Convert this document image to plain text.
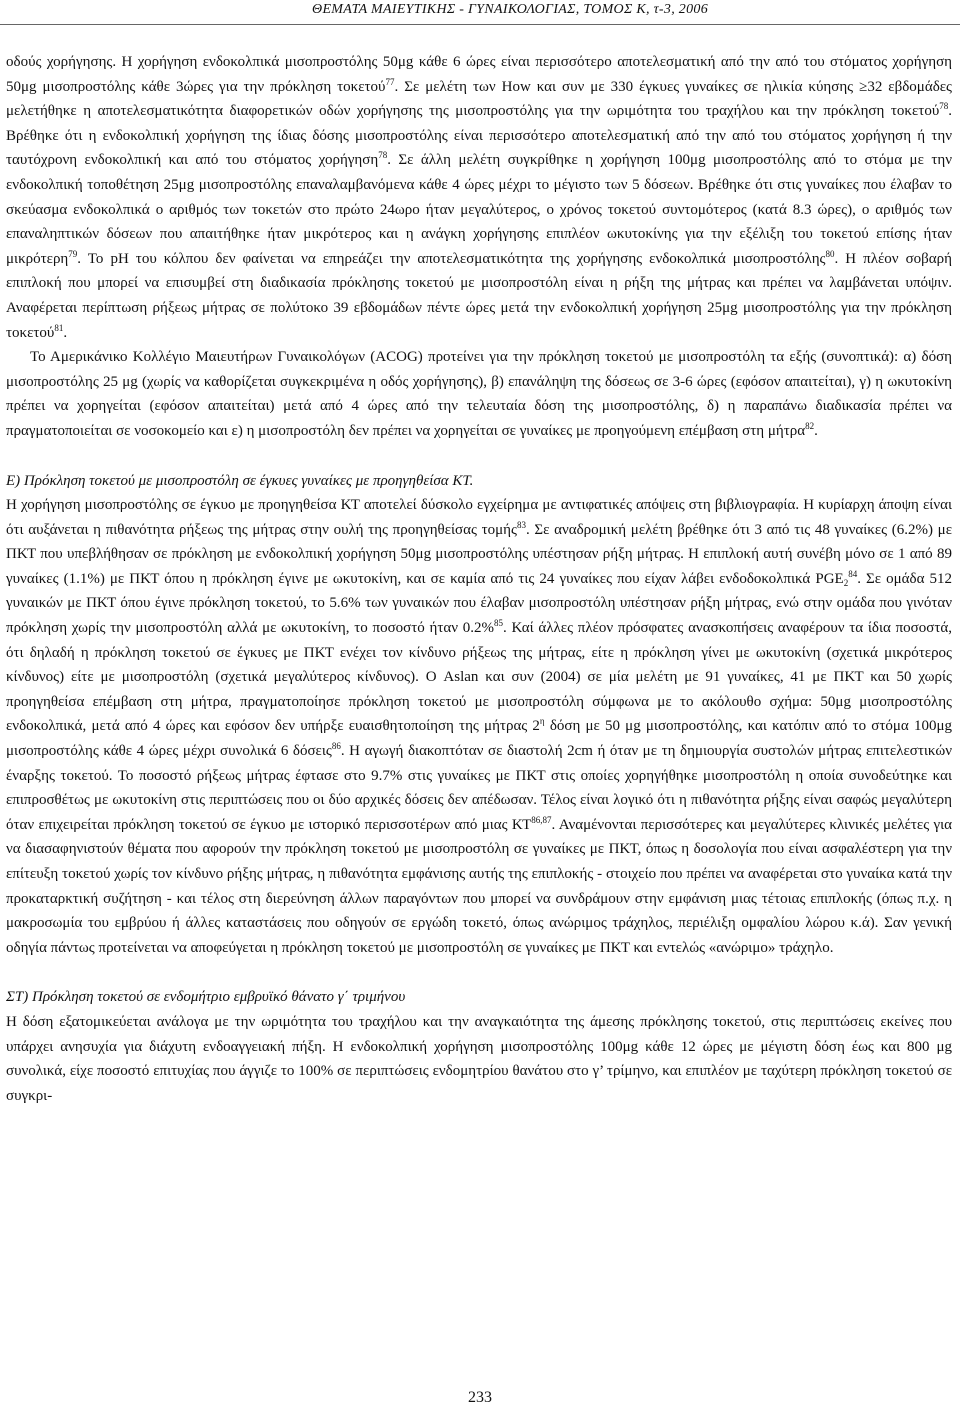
ΘΕΜΑΤΑ ΜΑΙΕΥΤΙΚΗΣ - ΓΥΝΑΙΚΟΛΟΓΙΑΣ, ΤΟΜΟΣ Κ, τ-3, 2006

οδούς χορήγησης. Η χορήγηση ενδοκολπικά μισοπροστόλης 50μg κάθε 6 ώρες είναι περισσότερο αποτελεσματική από την από του στόματος χορήγηση 50μg μισοπροστόλης κάθε 3ώρες για την πρόκληση τοκετού$^{77}$. Σε μελέτη των How και συν με 330 έγκυες γυναίκες σε ηλικία κύησης ≥32 εβδομάδες μελετήθηκε η αποτελεσματικότητα διαφορετικών οδών χορήγησης της μισοπροστόλης για την ωριμότητα του τραχήλου και την πρόκληση τοκετού$^{78}$. Βρέθηκε ότι η ενδοκολπική χορήγηση της ίδιας δόσης μισοπροστόλης είναι περισσότερο αποτελεσματική από την από του στόματος χορήγηση ή την ταυτόχρονη ενδοκολπική και από του στόματος χορήγηση$^{78}$. Σε άλλη μελέτη συγκρίθηκε η χορήγηση 100μg μισοπροστόλης από το στόμα με την ενδοκολπική τοποθέτηση 25μg μισοπροστόλης επαναλαμβανόμενα κάθε 4 ώρες μέχρι το μέγιστο των 5 δόσεων. Βρέθηκε ότι στις γυναίκες που έλαβαν το σκεύασμα ενδοκολπικά ο αριθμός των τοκετών στο πρώτο 24ωρο ήταν μεγαλύτερος, ο χρόνος τοκετού συντομότερος (κατά 8.3 ώρες), ο αριθμός των επαναληπτικών δόσεων που απαιτήθηκε ήταν μικρότερος και η ανάγκη χορήγησης επιπλέον ωκυτοκίνης για την εξέλιξη του τοκετού επίσης ήταν μικρότερη$^{79}$. Το pH του κόλπου δεν φαίνεται να επηρεάζει την αποτελεσματικότητα της χορήγησης ενδοκολπικά μισοπροστόλης$^{80}$. Η πλέον σοβαρή επιπλοκή που μπορεί να επισυμβεί στη διαδικασία πρόκλησης τοκετού με μισοπροστόλη είναι η ρήξη της μήτρας και πρέπει να λαμβάνεται υπόψιν. Αναφέρεται περίπτωση ρήξεως μήτρας σε πολύτοκο 39 εβδομάδων πέντε ώρες μετά την ενδοκολπική χορήγηση 25μg μισοπροστόλης για την πρόκληση τοκετού$^{81}$.

Το Αμερικάνικο Κολλέγιο Μαιευτήρων Γυναικολόγων (ACOG) προτείνει για την πρόκληση τοκετού με μισοπροστόλη τα εξής (συνοπτικά): α) δόση μισοπροστόλης 25 μg (χωρίς να καθορίζεται συγκεκριμένα η οδός χορήγησης), β) επανάληψη της δόσεως σε 3-6 ώρες (εφόσον απαιτείται), γ) η ωκυτοκίνη πρέπει να χορηγείται (εφόσον απαιτείται) μετά από 4 ώρες από την τελευταία δόση της μισοπροστόλης, δ) η παραπάνω διαδικασία πρέπει να πραγματοποιείται σε νοσοκομείο και ε) η μισοπροστόλη δεν πρέπει να χορηγείται σε γυναίκες με προηγούμενη επέμβαση στη μήτρα$^{82}$.

Ε) Πρόκληση τοκετού με μισοπροστόλη σε έγκυες γυναίκες με προηγηθείσα ΚΤ.

Η χορήγηση μισοπροστόλης σε έγκυο με προηγηθείσα ΚΤ αποτελεί δύσκολο εγχείρημα με αντιφατικές απόψεις στη βιβλιογραφία. Η κυρίαρχη άποψη είναι ότι αυξάνεται η πιθανότητα ρήξεως της μήτρας στην ουλή της προηγηθείσας τομής$^{83}$. Σε αναδρομική μελέτη βρέθηκε ότι 3 από τις 48 γυναίκες (6.2%) με ΠΚΤ που υπεβλήθησαν σε πρόκληση με ενδοκολπική χορήγηση 50μg μισοπροστόλης υπέστησαν ρήξη μήτρας. Η επιπλοκή αυτή συνέβη μόνο σε 1 από 89 γυναίκες (1.1%) με ΠΚΤ όπου η πρόκληση έγινε με ωκυτοκίνη, και σε καμία από τις 24 γυναίκες που είχαν λάβει ενδοδοκολπικά $PGE_2^{84}$. Σε ομάδα 512 γυναικών με ΠΚΤ όπου έγινε πρόκληση τοκετού, το 5.6% των γυναικών που έλαβαν μισοπροστόλη υπέστησαν ρήξη μήτρας, ενώ στην ομάδα που γινόταν πρόκληση χωρίς την μισοπροστόλη αλλά με ωκυτοκίνη, το ποσοστό ήταν 0.2%$^{85}$. Καί άλλες πλέον πρόσφατες ανασκοπήσεις αναφέρουν τα ίδια ποσοστά, ότι δηλαδή η πρόκληση τοκετού σε έγκυες με ΠΚΤ ενέχει τον κίνδυνο ρήξεως της μήτρας, είτε η πρόκληση γίνει με ωκυτοκίνη (σχετικά μικρότερος κίνδυνος) είτε με μισοπροστόλη (σχετικά μεγαλύτερος κίνδυνος). Ο Aslan και συν (2004) σε μία μελέτη με 91 γυναίκες, 41 με ΠΚΤ και 50 χωρίς προηγηθείσα επέμβαση στη μήτρα, πραγματοποίησε πρόκληση τοκετού με μισοπροστόλη σύμφωνα με το ακόλουθο σχήμα: 50μg μισοπροστόλης ενδοκολπικά, μετά από 4 ώρες και εφόσον δεν υπήρξε ευαισθητοποίηση της μήτρας $2^\eta$ δόση με 50 μg μισοπροστόλης, και κατόπιν από το στόμα 100μg μισοπροστόλης κάθε 4 ώρες μέχρι συνολικά 6 δόσεις$^{86}$. Η αγωγή διακοπτόταν σε διαστολή 2cm ή όταν με τη δημιουργία συστολών μήτρας επιτελεστικών έναρξης τοκετού. Το ποσοστό ρήξεως μήτρας έφτασε στο 9.7% στις γυναίκες με ΠΚΤ στις οποίες χορηγήθηκε μισοπροστόλη η οποία συνοδεύτηκε και επιπροσθέτως με ωκυτοκίνη στις περιπτώσεις που οι δύο αρχικές δόσεις δεν απέδωσαν. Τέλος είναι λογικό ότι η πιθανότητα ρήξης είναι σαφώς μεγαλύτερη όταν επιχειρείται πρόκληση τοκετού σε έγκυο με ιστορικό περισσοτέρων από μιας ΚΤ$^{86,87}$. Αναμένονται περισσότερες και μεγαλύτερες κλινικές μελέτες για να διασαφηνιστούν θέματα που αφορούν την πρόκληση τοκετού με μισοπροστόλη σε γυναίκες με ΠΚΤ, όπως η δοσολογία που είναι ασφαλέστερη για την επίτευξη τοκετού χωρίς τον κίνδυνο ρήξης μήτρας, η πιθανότητα εμφάνισης αυτής της επιπλοκής - στοιχείο που πρέπει να αναφέρεται στο γυναίκα κατά την προκαταρκτική συζήτηση - και τέλος στη διερεύνηση άλλων παραγόντων που μπορεί να συνδράμουν στην εμφάνιση μιας τέτοιας επιπλοκής (όπως π.χ. η μακροσωμία του εμβρύου ή άλλες καταστάσεις που οδηγούν σε εργώδη τοκετό, όπως ανώριμος τράχηλος, περιέλιξη ομφαλίου λώρου κ.ά). Σαν γενική οδηγία πάντως προτείνεται να αποφεύγεται η πρόκληση τοκετού με μισοπροστόλη σε γυναίκες με ΠΚΤ και εντελώς «ανώριμο» τράχηλο.

ΣΤ) Πρόκληση τοκετού σε ενδομήτριο εμβρυϊκό θάνατο γ΄ τριμήνου

Η δόση εξατομικεύεται ανάλογα με την ωριμότητα του τραχήλου και την αναγκαιότητα της άμεσης πρόκλησης τοκετού, στις περιπτώσεις εκείνες που υπάρχει ανησυχία για διάχυτη ενδοαγγειακή πήξη. Η ενδοκολπική χορήγηση μισοπροστόλης 100μg κάθε 12 ώρες με μέγιστη δόση έως και 800 μg συνολικά, είχε ποσοστό επιτυχίας που άγγιζε το 100% σε περιπτώσεις ενδομητρίου θανάτου στο γ’ τρίμηνο, και επιπλέον με ταχύτερη πρόκληση τοκετού σε συγκρι-

233
